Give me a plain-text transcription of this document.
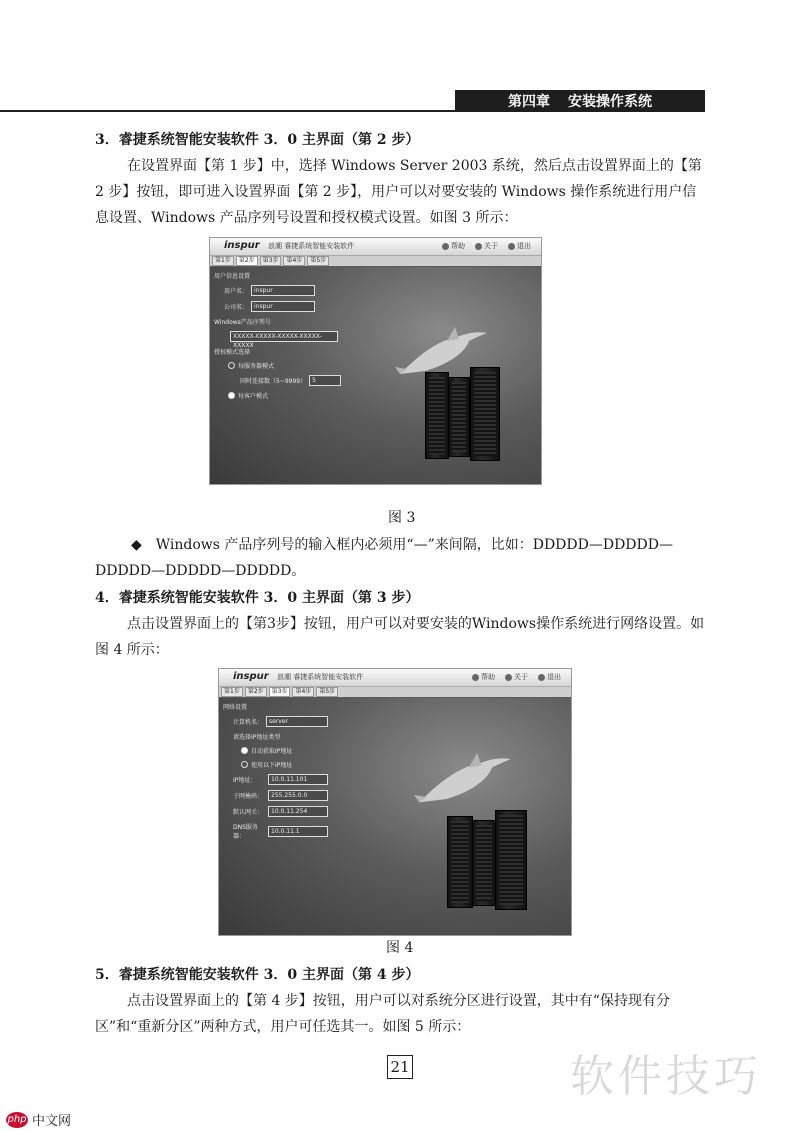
第四章 安装操作系统

3．睿捷系统智能安装软件 3．0 主界面（第 2 步）

在设置界面【第 1 步】中，选择 Windows Server 2003 系统，然后点击设置界面上的【第 2 步】按钮，即可进入设置界面【第 2 步】，用户可以对要安装的 Windows 操作系统进行用户信息设置、Windows 产品序列号设置和授权模式设置。如图 3 所示：

inspur 浪潮 睿捷系统智能安装软件	帮助	关于	退出
第1步	第2步	第3步	第4步	第5步
用户信息设置
用户名：	inspur
公司名：	inspur
Windows产品序列号
XXXXX-XXXXX-XXXXX-XXXXX-XXXXX
授权模式选择
每服务器模式
同时连接数（5~9999）	5
每客户模式
图 3

◆　Windows 产品序列号的输入框内必须用“—”来间隔，比如：DDDDD—DDDDD—DDDDD—DDDDD—DDDDD。

4．睿捷系统智能安装软件 3．0 主界面（第 3 步）

点击设置界面上的【第3步】按钮，用户可以对要安装的Windows操作系统进行网络设置。如图 4 所示：

inspur 浪潮 睿捷系统智能安装软件	帮助	关于	退出
第1步	第2步	第3步	第4步	第5步
网络设置
计算机名：	server
请选择IP地址类型
自动获取IP地址
使用以下IP地址
IP地址：	10.0.11.101
子网掩码：	255.255.0.0
默认网关：	10.0.11.254
DNS服务器：
10.0.11.1
图 4

5．睿捷系统智能安装软件 3．0 主界面（第 4 步）

点击设置界面上的【第 4 步】按钮，用户可以对系统分区进行设置，其中有“保持现有分区”和“重新分区”两种方式，用户可任选其一。如图 5 所示：

21	软件技巧
php 中文网
